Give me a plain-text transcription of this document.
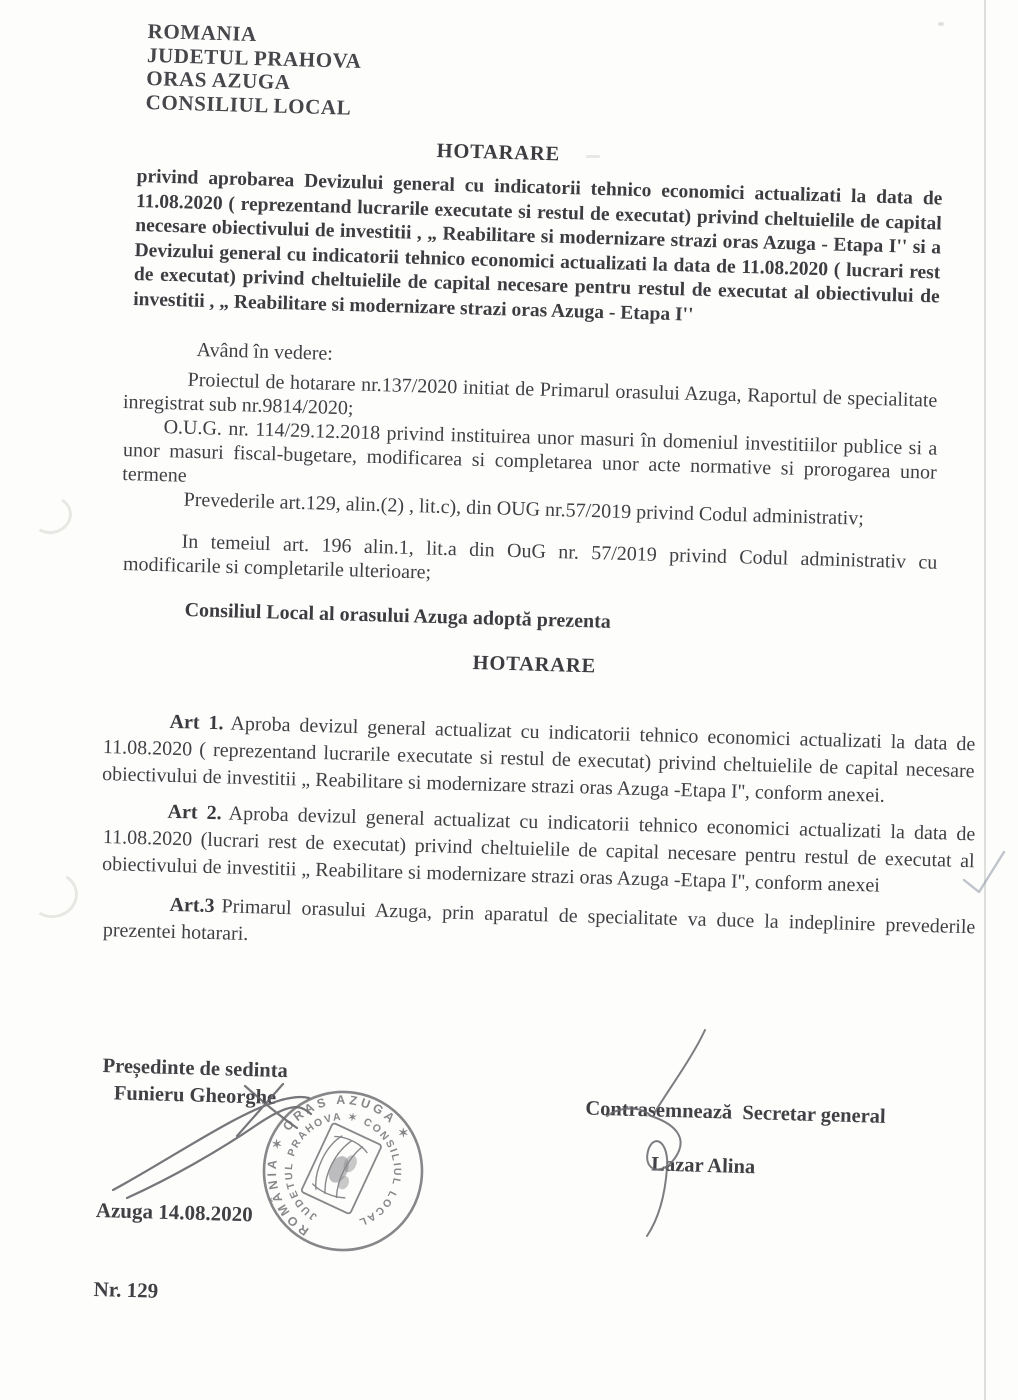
ROMANIA
JUDETUL PRAHOVA
ORAS AZUGA
CONSILIUL LOCAL
HOTARARE
privind aprobarea Devizului general cu indicatorii tehnico economici actualizati la data de 11.08.2020 ( reprezentand lucrarile executate si restul de executat) privind cheltuielile de capital necesare obiectivului de investitii , „ Reabilitare si modernizare strazi oras Azuga - Etapa I'' si a Devizului general cu indicatorii tehnico economici actualizati la data de 11.08.2020 ( lucrari rest de executat) privind cheltuielile de capital necesare pentru restul de executat al obiectivului de investitii , „ Reabilitare si modernizare strazi oras Azuga - Etapa I''
Având în vedere:

Proiectul de hotarare nr.137/2020 initiat de Primarul orasului Azuga, Raportul de specialitate inregistrat sub nr.9814/2020;

O.U.G. nr. 114/29.12.2018 privind instituirea unor masuri în domeniul investitiilor publice si a unor masuri fiscal-bugetare, modificarea si completarea unor acte normative si prorogarea unor termene

Prevederile art.129, alin.(2) , lit.c), din OUG nr.57/2019 privind Codul administrativ;

In temeiul art. 196 alin.1, lit.a din OuG nr. 57/2019 privind Codul administrativ cu modificarile si completarile ulterioare;

Consiliul Local al orasului Azuga adoptă prezenta

HOTARARE

Art 1. Aproba devizul general actualizat cu indicatorii tehnico economici actualizati la data de 11.08.2020 ( reprezentand lucrarile executate si restul de executat) privind cheltuielile de capital necesare obiectivului de investitii „ Reabilitare si modernizare strazi oras Azuga -Etapa I'', conform anexei.

Art 2. Aproba devizul general actualizat cu indicatorii tehnico economici actualizati la data de 11.08.2020 (lucrari rest de executat) privind cheltuielile de capital necesare pentru restul de executat al obiectivului de investitii „ Reabilitare si modernizare strazi oras Azuga -Etapa I'', conform anexei

Art.3 Primarul orasului Azuga, prin aparatul de specialitate va duce la indeplinire prevederile prezentei hotarari.

Președinte de sedinta
Funieru Gheorghe
ROMÂNIA ✶ ORAS AZUGA ✶
JUDETUL PRAHOVA ✶ CONSILIUL LOCAL

Azuga 14.08.2020

Nr. 129

Contrasemnează  Secretar general

Lazar Alina
